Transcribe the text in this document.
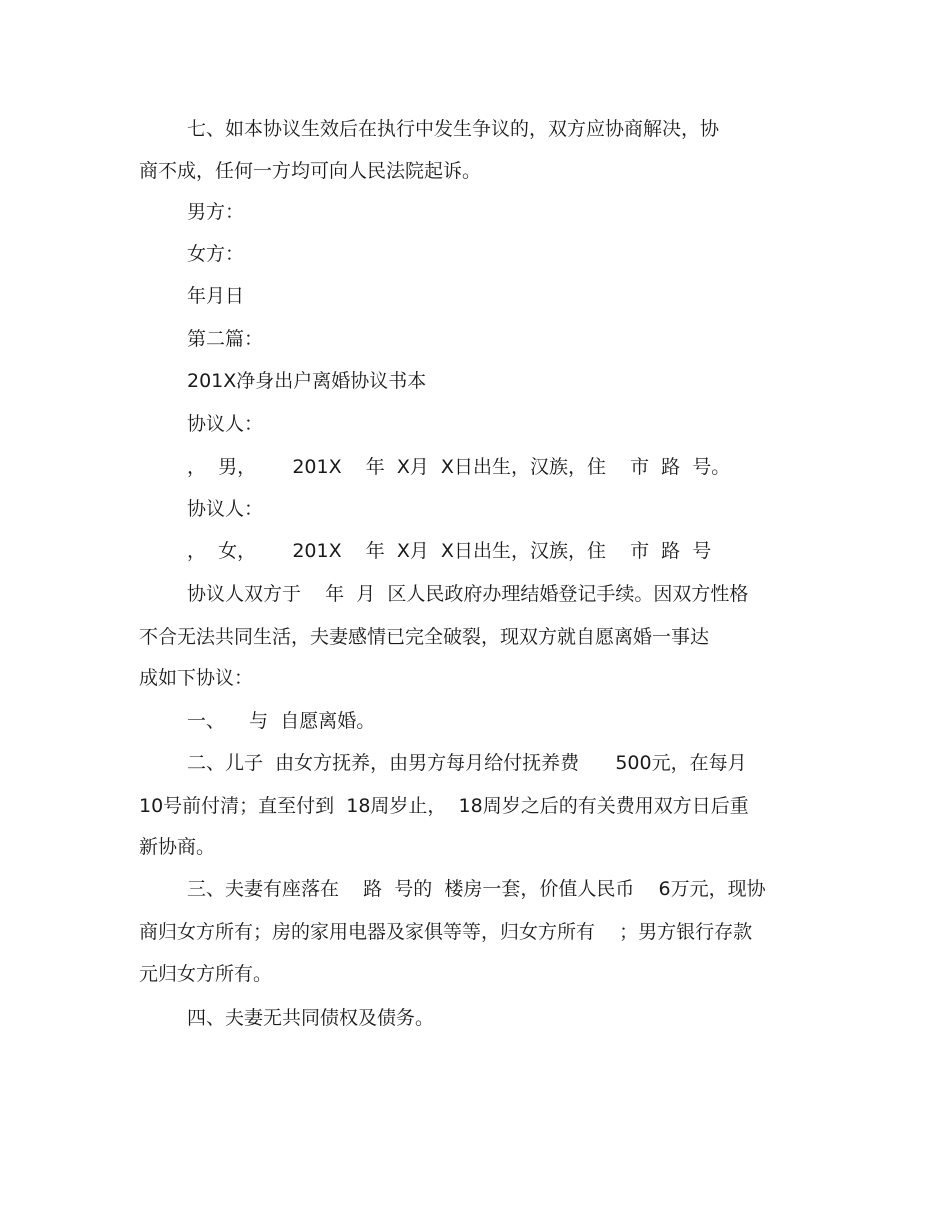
七、如本协议生效后在执行中发生争议的，双方应协商解决，协
商不成，任何一方均可向人民法院起诉。
男方：
女方：
年月日
第二篇：
201X净身出户离婚协议书本
协议人：
，  男，      201X    年  X月  X日出生，汉族，住    市  路  号。
协议人：
，  女，      201X    年  X月  X日出生，汉族，住    市  路  号
协议人双方于    年  月  区人民政府办理结婚登记手续。因双方性格
不合无法共同生活，夫妻感情已完全破裂，现双方就自愿离婚一事达
成如下协议：
一、    与  自愿离婚。
二、儿子  由女方抚养，由男方每月给付抚养费      500元，在每月
10号前付清；直至付到  18周岁止，  18周岁之后的有关费用双方日后重
新协商。
三、夫妻有座落在    路  号的  楼房一套，价值人民币    6万元，现协
商归女方所有；房的家用电器及家俱等等，归女方所有    ；男方银行存款
元归女方所有。
四、夫妻无共同债权及债务。
